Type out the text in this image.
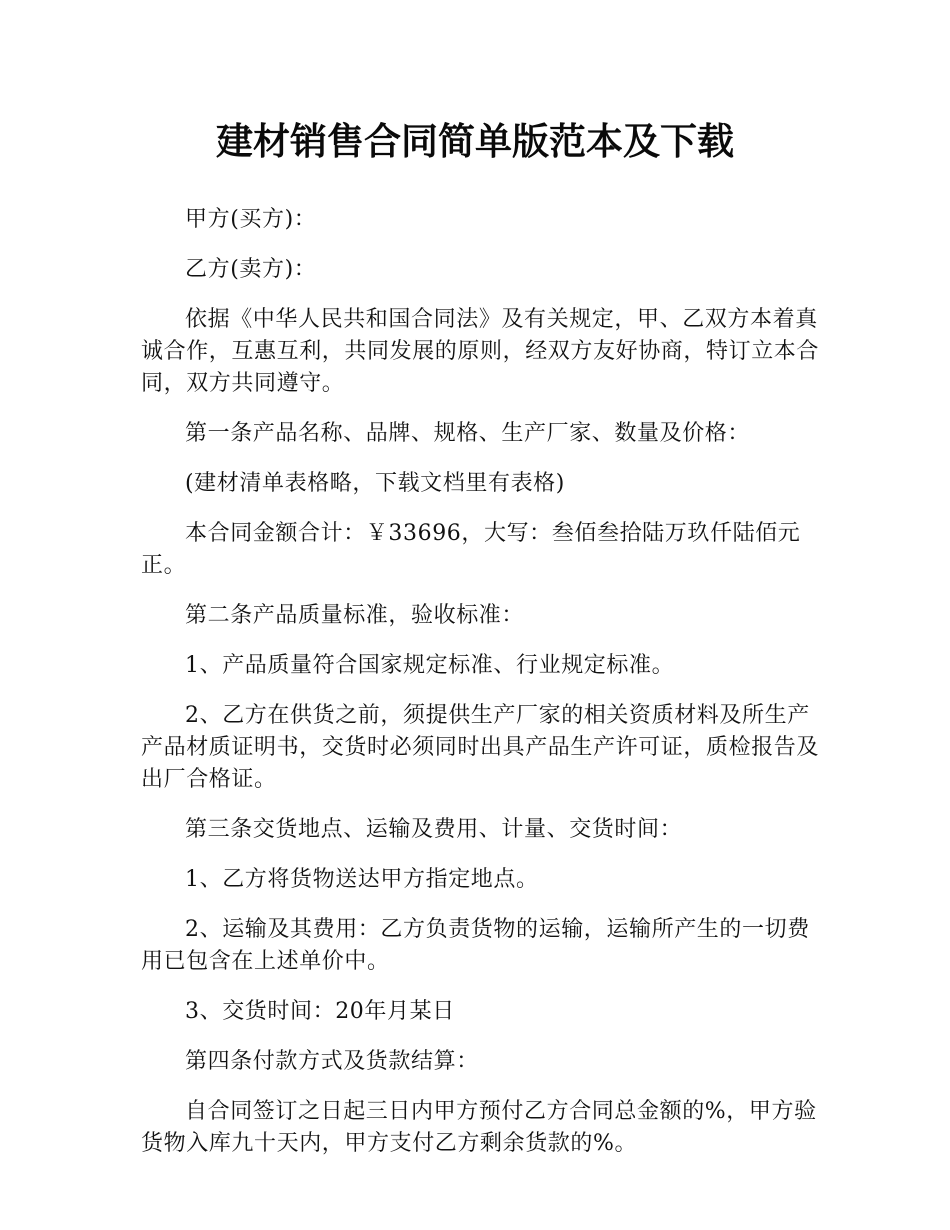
建材销售合同简单版范本及下载

甲方(买方)：

乙方(卖方)：

依据《中华人民共和国合同法》及有关规定，甲、乙双方本着真诚合作，互惠互利，共同发展的原则，经双方友好协商，特订立本合同，双方共同遵守。

第一条产品名称、品牌、规格、生产厂家、数量及价格：

(建材清单表格略，下载文档里有表格)

本合同金额合计：￥33696，大写：叁佰叁拾陆万玖仟陆佰元正。

第二条产品质量标准，验收标准：

1、产品质量符合国家规定标准、行业规定标准。

2、乙方在供货之前，须提供生产厂家的相关资质材料及所生产产品材质证明书，交货时必须同时出具产品生产许可证，质检报告及出厂合格证。

第三条交货地点、运输及费用、计量、交货时间：

1、乙方将货物送达甲方指定地点。

2、运输及其费用：乙方负责货物的运输，运输所产生的一切费用已包含在上述单价中。

3、交货时间：20年月某日

第四条付款方式及货款结算：

自合同签订之日起三日内甲方预付乙方合同总金额的%，甲方验货物入库九十天内，甲方支付乙方剩余货款的%。
